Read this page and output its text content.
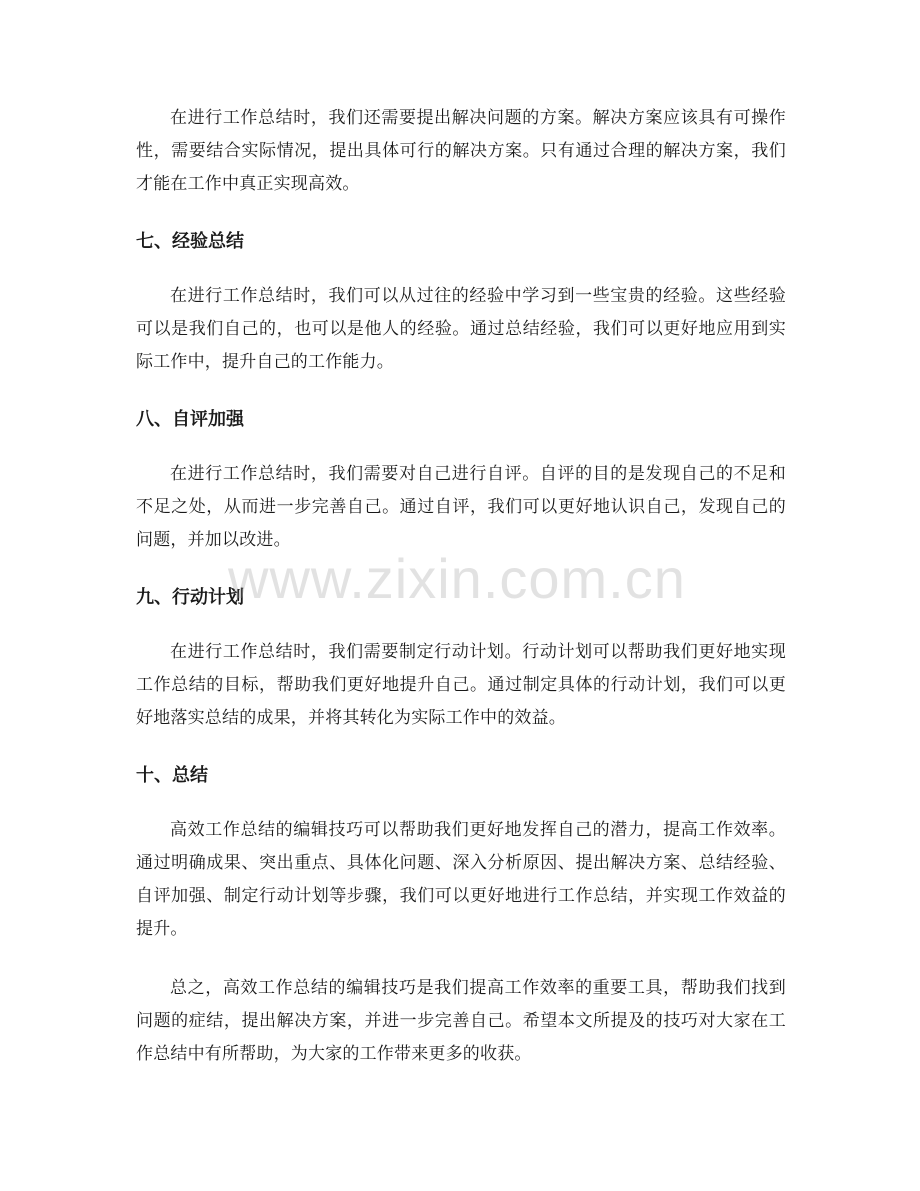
在进行工作总结时，我们还需要提出解决问题的方案。解决方案应该具有可操作性，需要结合实际情况，提出具体可行的解决方案。只有通过合理的解决方案，我们才能在工作中真正实现高效。

七、经验总结

在进行工作总结时，我们可以从过往的经验中学习到一些宝贵的经验。这些经验可以是我们自己的，也可以是他人的经验。通过总结经验，我们可以更好地应用到实际工作中，提升自己的工作能力。

八、自评加强

在进行工作总结时，我们需要对自己进行自评。自评的目的是发现自己的不足和不足之处，从而进一步完善自己。通过自评，我们可以更好地认识自己，发现自己的问题，并加以改进。

九、行动计划

在进行工作总结时，我们需要制定行动计划。行动计划可以帮助我们更好地实现工作总结的目标，帮助我们更好地提升自己。通过制定具体的行动计划，我们可以更好地落实总结的成果，并将其转化为实际工作中的效益。

十、总结

高效工作总结的编辑技巧可以帮助我们更好地发挥自己的潜力，提高工作效率。通过明确成果、突出重点、具体化问题、深入分析原因、提出解决方案、总结经验、自评加强、制定行动计划等步骤，我们可以更好地进行工作总结，并实现工作效益的提升。

总之，高效工作总结的编辑技巧是我们提高工作效率的重要工具，帮助我们找到问题的症结，提出解决方案，并进一步完善自己。希望本文所提及的技巧对大家在工作总结中有所帮助，为大家的工作带来更多的收获。

www.zixin.com.cn
